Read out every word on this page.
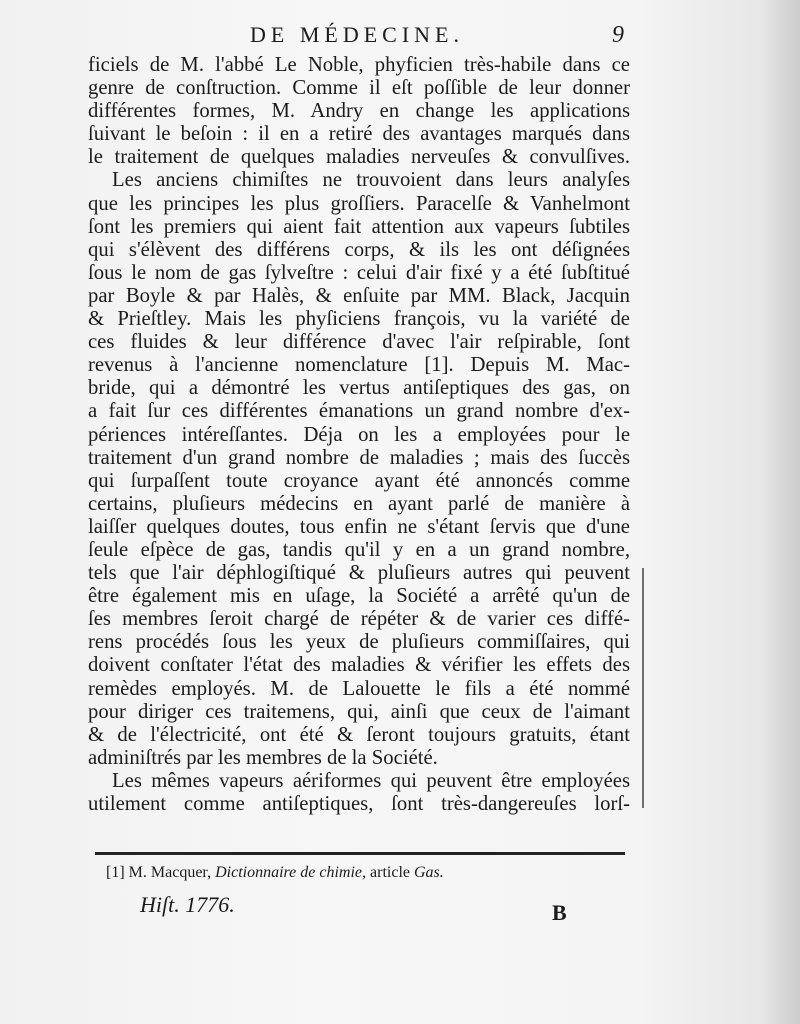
DE MÉDECINE.	9
ficiels de M. l'abbé Le Noble, phyficien très-habile dans ce
genre de conſtruction. Comme il eſt poſſible de leur donner
différentes formes, M. Andry en change les applications
ſuivant le beſoin : il en a retiré des avantages marqués dans
le traitement de quelques maladies nerveuſes & convulſives.
Les anciens chimiſtes ne trouvoient dans leurs analyſes
que les principes les plus groſſiers. Paracelſe & Vanhelmont
ſont les premiers qui aient fait attention aux vapeurs ſubtiles
qui s'élèvent des différens corps, & ils les ont déſignées
ſous le nom de gas ſylveſtre : celui d'air fixé y a été ſubſtitué
par Boyle & par Halès, & enſuite par MM. Black, Jacquin
& Prieſtley. Mais les phyſiciens françois, vu la variété de
ces fluides & leur différence d'avec l'air reſpirable, ſont
revenus à l'ancienne nomenclature [1]. Depuis M. Mac-
bride, qui a démontré les vertus antiſeptiques des gas, on
a fait ſur ces différentes émanations un grand nombre d'ex-
périences intéreſſantes. Déja on les a employées pour le
traitement d'un grand nombre de maladies ; mais des ſuccès
qui ſurpaſſent toute croyance ayant été annoncés comme
certains, pluſieurs médecins en ayant parlé de manière à
laiſſer quelques doutes, tous enfin ne s'étant ſervis que d'une
ſeule eſpèce de gas, tandis qu'il y en a un grand nombre,
tels que l'air déphlogiſtiqué & pluſieurs autres qui peuvent
être également mis en uſage, la Société a arrêté qu'un de
ſes membres ſeroit chargé de répéter & de varier ces diffé-
rens procédés ſous les yeux de pluſieurs commiſſaires, qui
doivent conſtater l'état des maladies & vérifier les effets des
remèdes employés. M. de Lalouette le fils a été nommé
pour diriger ces traitemens, qui, ainſi que ceux de l'aimant
& de l'électricité, ont été & ſeront toujours gratuits, étant
adminiſtrés par les membres de la Société.
Les mêmes vapeurs aériformes qui peuvent être employées
utilement comme antiſeptiques, ſont très-dangereuſes lorſ-
[1] M. Macquer, Dictionnaire de chimie, article Gas.
Hiſt. 1776.	B
